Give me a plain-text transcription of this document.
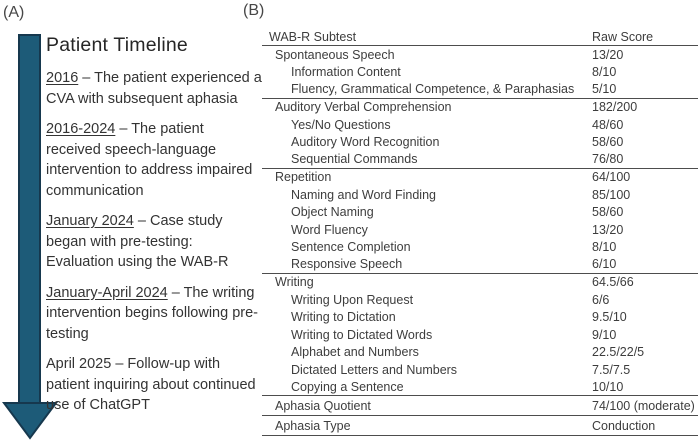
(A)	(B)
Patient Timeline

2016 – The patient experienced a CVA with subsequent aphasia

2016-2024 – The patient received speech-language intervention to address impaired communication

January 2024 – Case study began with pre-testing: Evaluation using the WAB-R

January-April 2024 – The writing intervention begins following pre-testing

April 2025 – Follow-up with patient inquiring about continued use of ChatGPT

WAB-R Subtest	Raw Score
Spontaneous Speech	13/20
Information Content	8/10
Fluency, Grammatical Competence, & Paraphasias	5/10
Auditory Verbal Comprehension	182/200
Yes/No Questions	48/60
Auditory Word Recognition	58/60
Sequential Commands	76/80
Repetition	64/100
Naming and Word Finding	85/100
Object Naming	58/60
Word Fluency	13/20
Sentence Completion	8/10
Responsive Speech	6/10
Writing	64.5/66
Writing Upon Request	6/6
Writing to Dictation	9.5/10
Writing to Dictated Words	9/10
Alphabet and Numbers	22.5/22/5
Dictated Letters and Numbers	7.5/7.5
Copying a Sentence	10/10
Aphasia Quotient	74/100 (moderate)
Aphasia Type	Conduction
